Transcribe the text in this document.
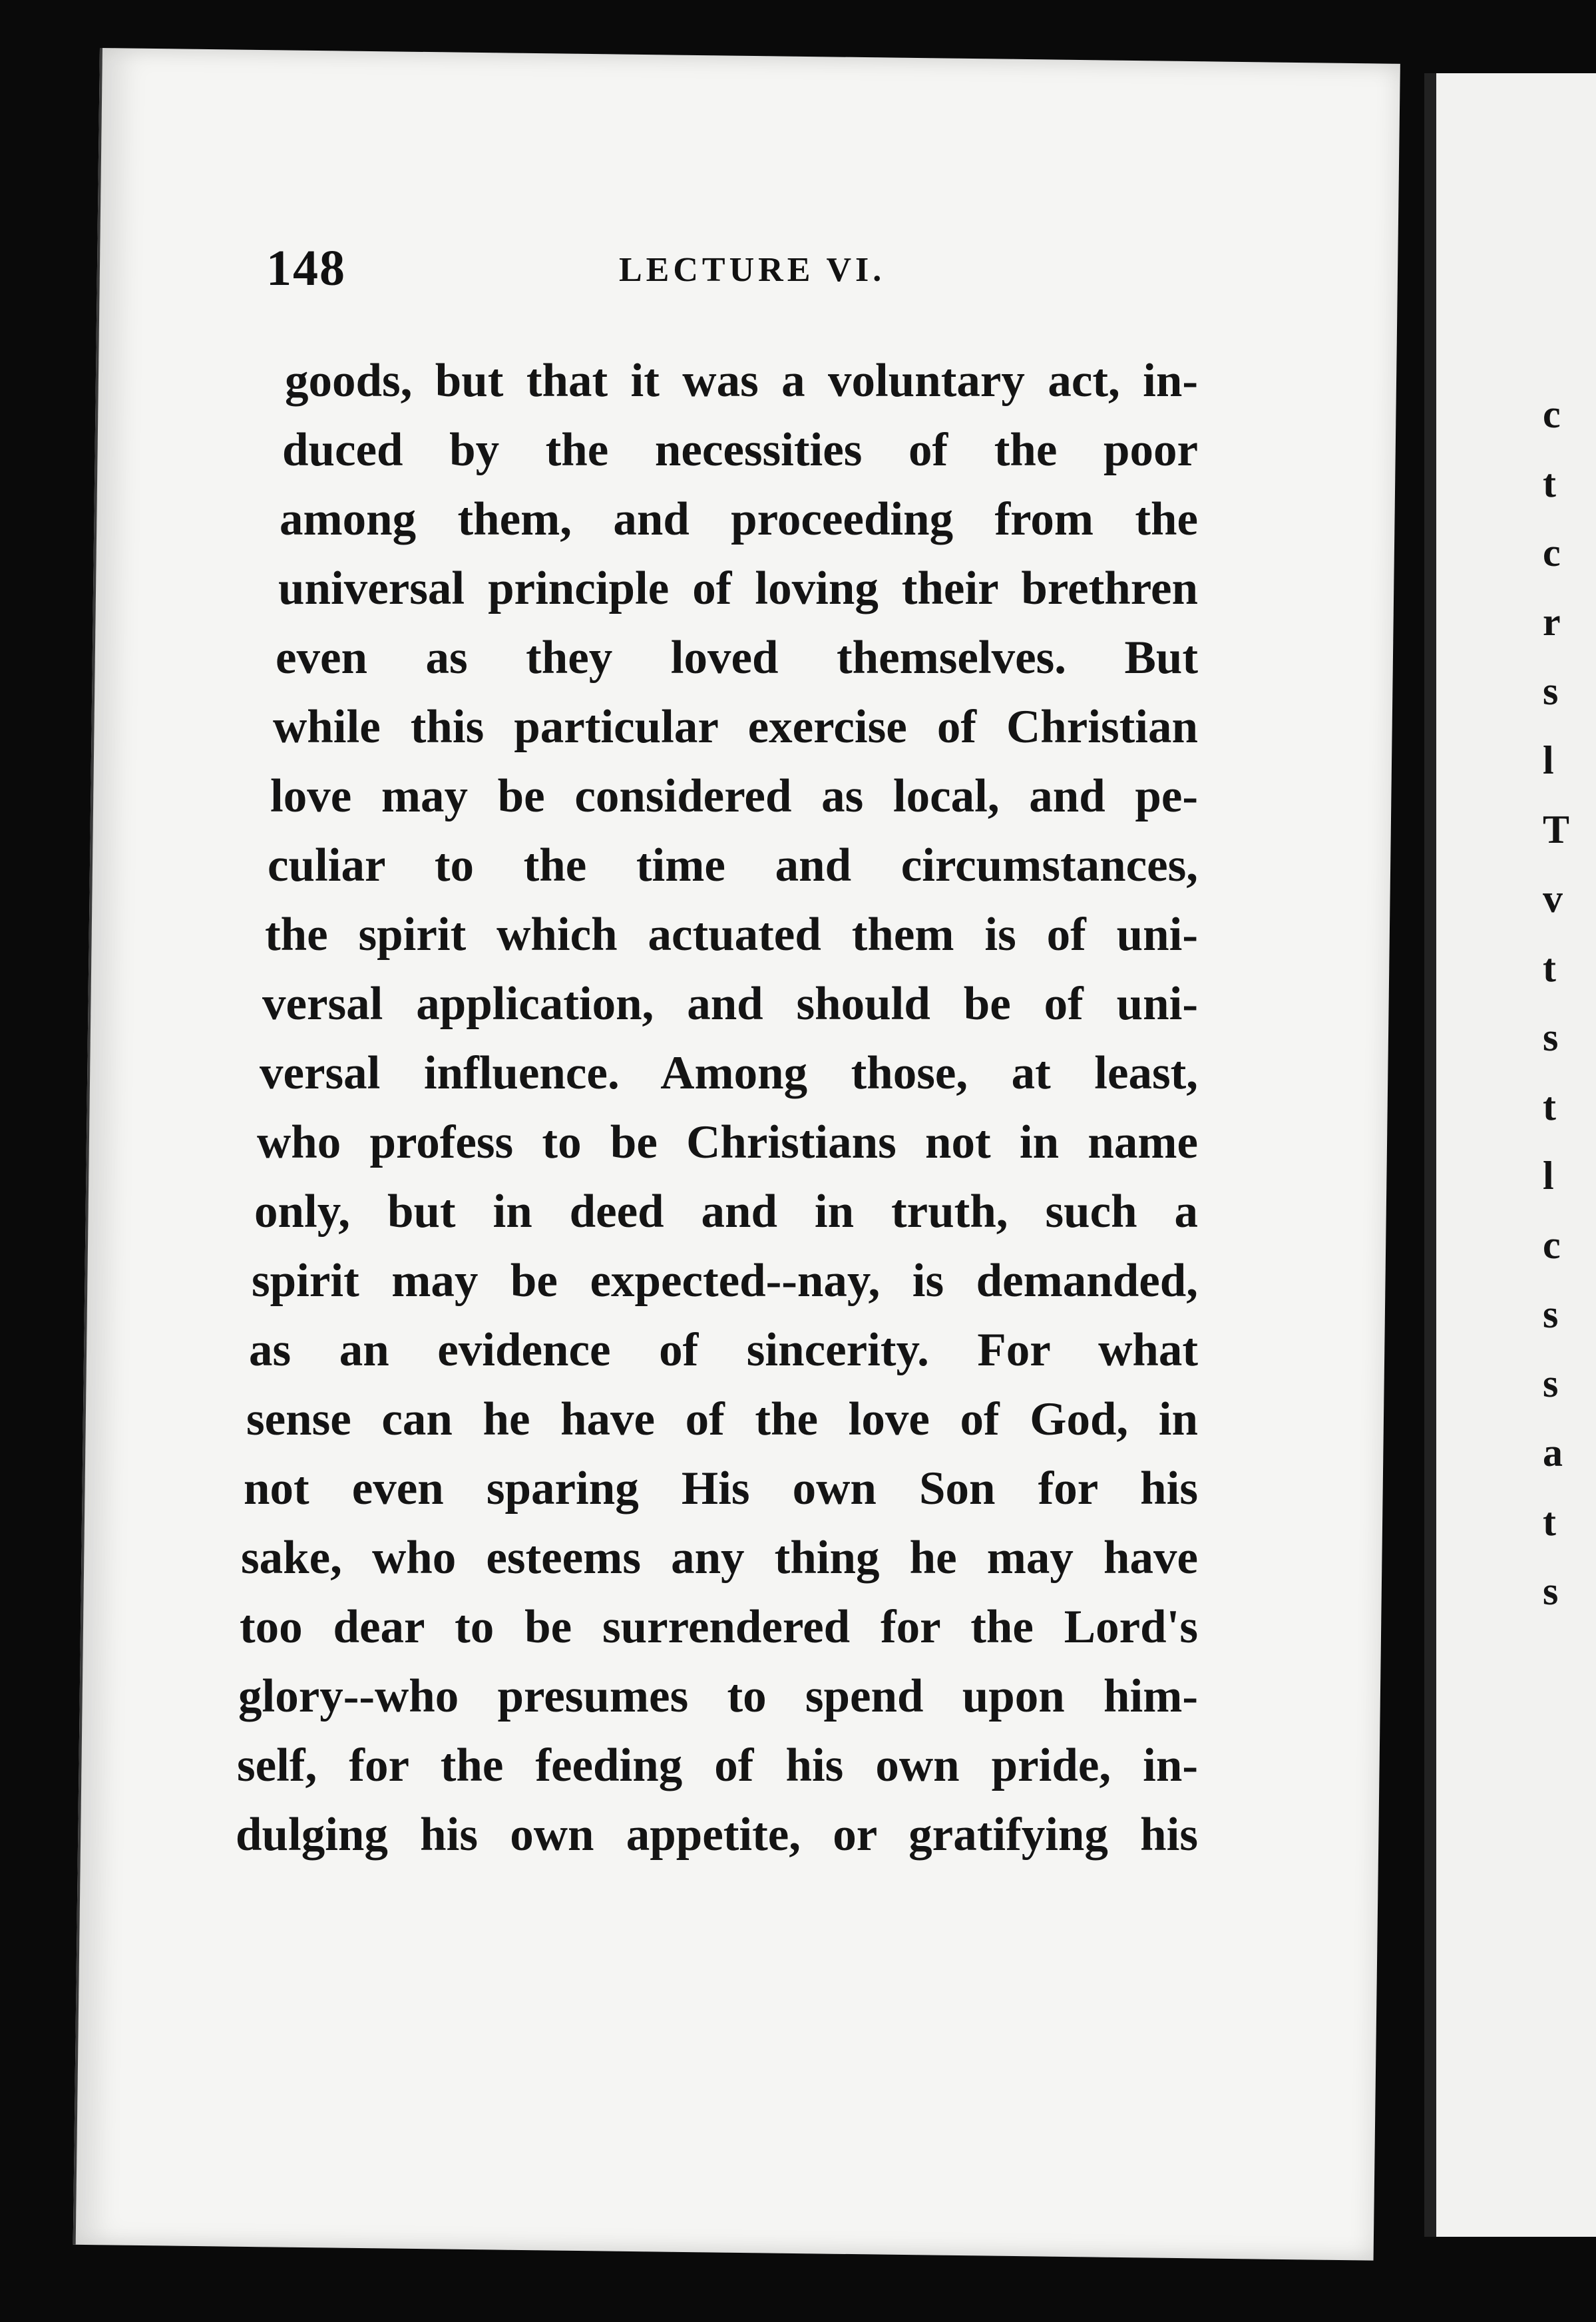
148	LECTURE VI.
goods, but that it was a voluntary act, in-
duced by the necessities of the poor
among them, and proceeding from the
universal principle of loving their brethren
even as they loved themselves. But
while this particular exercise of Christian
love may be considered as local, and pe-
culiar to the time and circumstances,
the spirit which actuated them is of uni-
versal application, and should be of uni-
versal influence. Among those, at least,
who profess to be Christians not in name
only, but in deed and in truth, such a
spirit may be expected--nay, is demanded,
as an evidence of sincerity. For what
sense can he have of the love of God, in
not even sparing His own Son for his
sake, who esteems any thing he may have
too dear to be surrendered for the Lord's
glory--who presumes to spend upon him-
self, for the feeding of his own pride, in-
dulging his own appetite, or gratifying his
c
t
c
r
s
l
T
v
t
s
t
l
c
s
s
a
t
s
